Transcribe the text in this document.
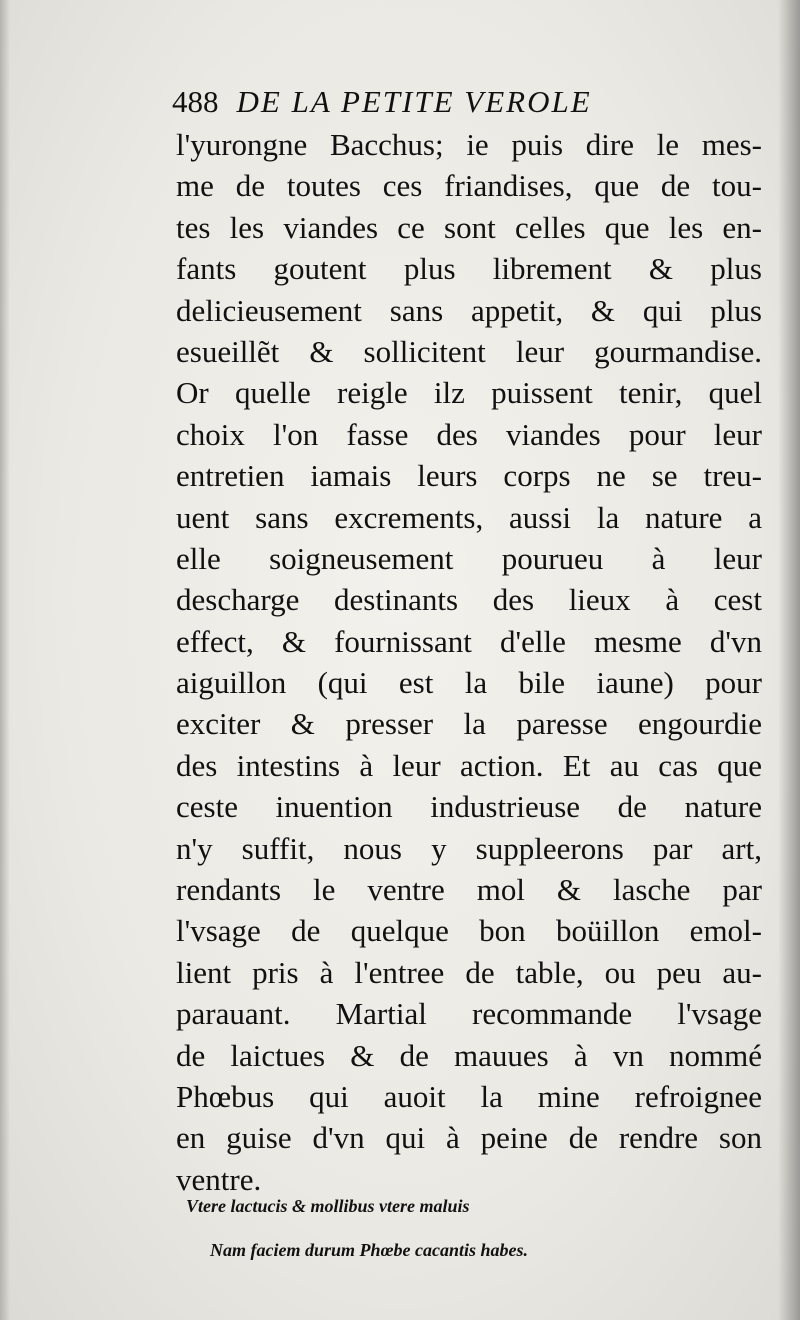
488 DE LA PETITE VEROLE
l'yurongne Bacchus; ie puis dire le mes-
me de toutes ces friandises, que de tou-
tes les viandes ce sont celles que les en-
fants goutent plus librement & plus
delicieusement sans appetit, & qui plus
esueillẽt & sollicitent leur gourmandise.
Or quelle reigle ilz puissent tenir, quel
choix l'on fasse des viandes pour leur
entretien iamais leurs corps ne se treu-
uent sans excrements, aussi la nature a
elle soigneusement pourueu à leur
descharge destinants des lieux à cest
effect, & fournissant d'elle mesme d'vn
aiguillon (qui est la bile iaune) pour
exciter & presser la paresse engourdie
des intestins à leur action. Et au cas que
ceste inuention industrieuse de nature
n'y suffit, nous y suppleerons par art,
rendants le ventre mol & lasche par
l'vsage de quelque bon boüillon emol-
lient pris à l'entree de table, ou peu au-
parauant. Martial recommande l'vsage
de laictues & de mauues à vn nommé
Phœbus qui auoit la mine refroignee
en guise d'vn qui à peine de rendre son
ventre.
Vtere lactucis & mollibus vtere maluis
Nam faciem durum Phœbe cacantis habes.
